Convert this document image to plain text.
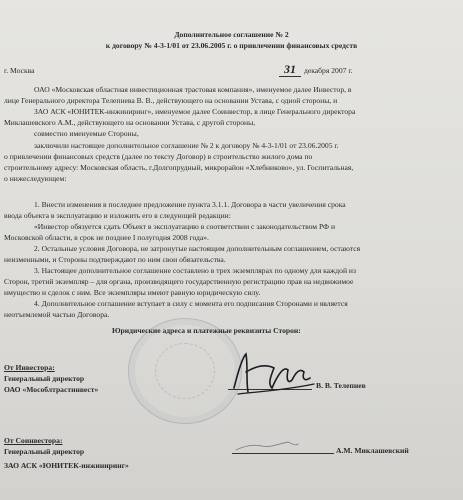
Дополнительное соглашение № 2
к договору № 4-3-1/01 от 23.06.2005 г. о привлечении финансовых средств
г. Москва	31 декабря 2007 г.
ОАО «Московская областная инвестиционная трастовая компания», именуемое далее Инвестор, в
лице Генерального директора Телепнева В. В., действующего на основании Устава, с одной стороны, и
ЗАО АСК «ЮНИТЕК-инжиниринг», именуемое далее Соинвестор, в лице Генерального директора
Миклашевского А.М., действующего на основании Устава, с другой стороны,
совместно именуемые Стороны,
заключили настоящее дополнительное соглашение № 2 к договору № 4-3-1/01 от 23.06.2005 г.
о привлечении финансовых средств (далее по тексту Договор) в строительство жилого дома по
строительному адресу: Московская область, г.Долгопрудный, микрорайон «Хлебниково», ул. Госпитальная,
о нижеследующем:
1. Внести изменения в последнее предложение пункта 3.1.1. Договора в части увеличения срока
ввода объекта в эксплуатацию и изложить его в следующей редакции:
«Инвестор обязуется сдать Объект в эксплуатацию в соответствии с законодательством РФ и
Московской области, в срок не позднее I полугодия 2008 года».
2. Остальные условия Договора, не затронутые настоящим дополнительным соглашением, остаются
неизменными, и Стороны подтверждают по ним свои обязательства.
3. Настоящее дополнительное соглашение составлено в трех экземплярах по одному для каждой из
Сторон, третий экземпляр – для органа, производящего государственную регистрацию прав на недвижимое
имущество и сделок с ним. Все экземпляры имеют равную юридическую силу.
4. Дополнительное соглашение вступает в силу с момента его подписания Сторонами и является
неотъемлемой частью Договора.
Юридические адреса и платежные реквизиты Сторон:
От Инвестора:
Генеральный директор
ОАО «Мособлтрастинвест»	В. В. Телепнев
От Соинвестора:
Генеральный директор
ЗАО АСК «ЮНИТЕК-инжиниринг»
А.М. Миклашевский
